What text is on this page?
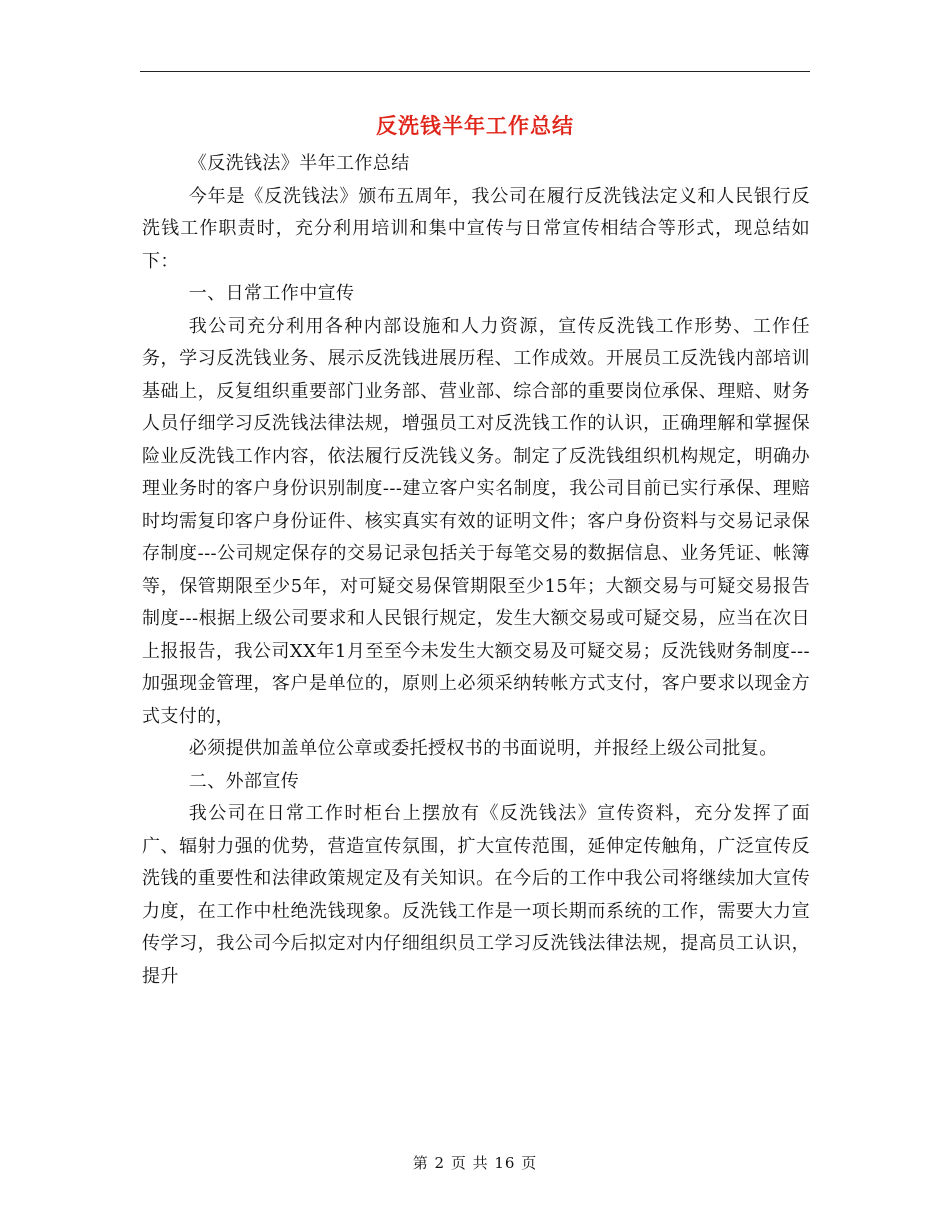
反洗钱半年工作总结

《反洗钱法》半年工作总结

今年是《反洗钱法》颁布五周年，我公司在履行反洗钱法定义和人民银行反洗钱工作职责时，充分利用培训和集中宣传与日常宣传相结合等形式，现总结如下：

一、日常工作中宣传

我公司充分利用各种内部设施和人力资源，宣传反洗钱工作形势、工作任务，学习反洗钱业务、展示反洗钱进展历程、工作成效。开展员工反洗钱内部培训基础上，反复组织重要部门业务部、营业部、综合部的重要岗位承保、理赔、财务人员仔细学习反洗钱法律法规，增强员工对反洗钱工作的认识，正确理解和掌握保险业反洗钱工作内容，依法履行反洗钱义务。制定了反洗钱组织机构规定，明确办理业务时的客户身份识别制度---建立客户实名制度，我公司目前已实行承保、理赔时均需复印客户身份证件、核实真实有效的证明文件；客户身份资料与交易记录保存制度---公司规定保存的交易记录包括关于每笔交易的数据信息、业务凭证、帐簿等，保管期限至少5年，对可疑交易保管期限至少15年；大额交易与可疑交易报告制度---根据上级公司要求和人民银行规定，发生大额交易或可疑交易，应当在次日上报报告，我公司XX年1月至至今未发生大额交易及可疑交易；反洗钱财务制度---加强现金管理，客户是单位的，原则上必须采纳转帐方式支付，客户要求以现金方式支付的，

必须提供加盖单位公章或委托授权书的书面说明，并报经上级公司批复。

二、外部宣传

我公司在日常工作时柜台上摆放有《反洗钱法》宣传资料，充分发挥了面广、辐射力强的优势，营造宣传氛围，扩大宣传范围，延伸定传触角，广泛宣传反洗钱的重要性和法律政策规定及有关知识。在今后的工作中我公司将继续加大宣传力度，在工作中杜绝洗钱现象。反洗钱工作是一项长期而系统的工作，需要大力宣传学习，我公司今后拟定对内仔细组织员工学习反洗钱法律法规，提高员工认识，提升

第 2 页 共 16 页
